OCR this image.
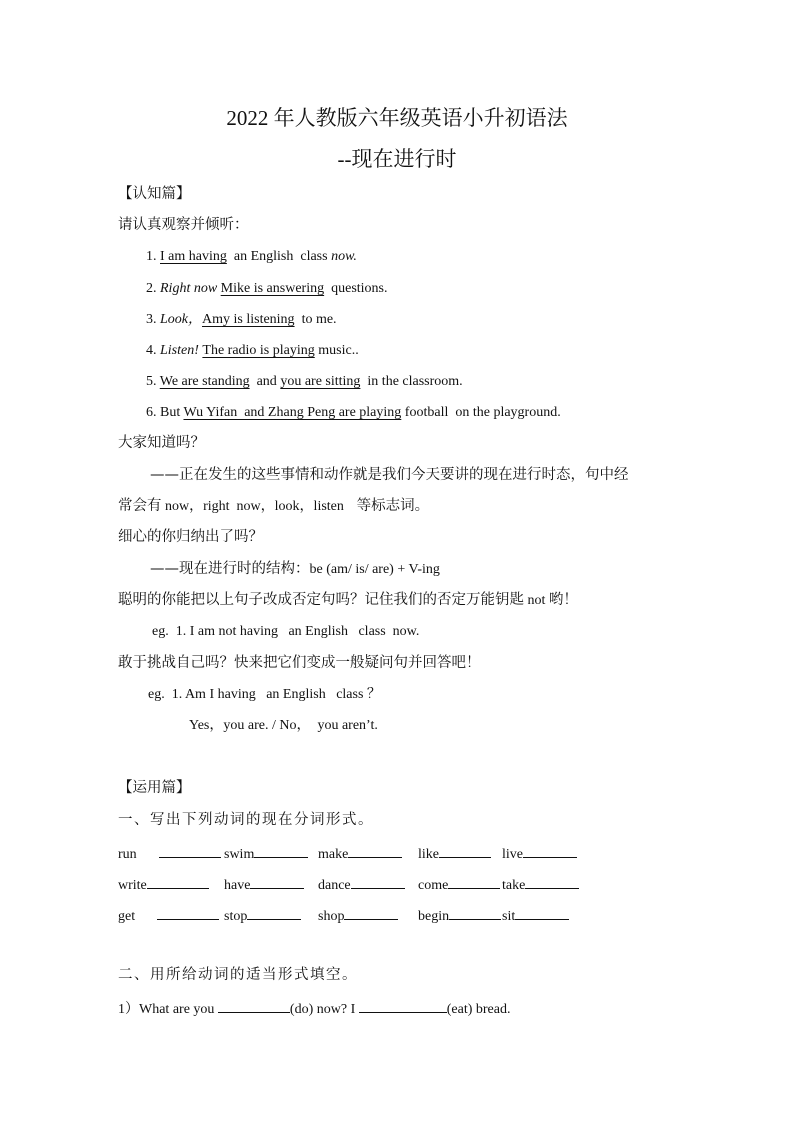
2022 年人教版六年级英语小升初语法
--现在进行时
【认知篇】
请认真观察并倾听：
1. I am having  an English  class now.
2. Right now Mike is answering  questions.
3. Look，Amy is listening  to me.
4. Listen! The radio is playing music..
5. We are standing  and you are sitting  in the classroom.
6. But Wu Yifan  and Zhang Peng are playing football  on the playground.
大家知道吗？
——正在发生的这些事情和动作就是我们今天要讲的现在进行时态，句中经
常会有 now，right  now，look，listen   等标志词。
细心的你归纳出了吗？
——现在进行时的结构：be (am/ is/ are) + V-ing
聪明的你能把以上句子改成否定句吗？记住我们的否定万能钥匙 not 哟！
eg.  1. I am not having   an English   class  now.
敢于挑战自己吗？快来把它们变成一般疑问句并回答吧！
eg.  1. Am I having   an English   class ？
Yes，you are. / No，  you aren’t.
【运用篇】
一、写出下列动词的现在分词形式。
run	swim	make	like	live
write	have	dance	come	take
get	stop	shop	begin	sit
二、用所给动词的适当形式填空。
1）What are you	(do) now? I	(eat) bread.
